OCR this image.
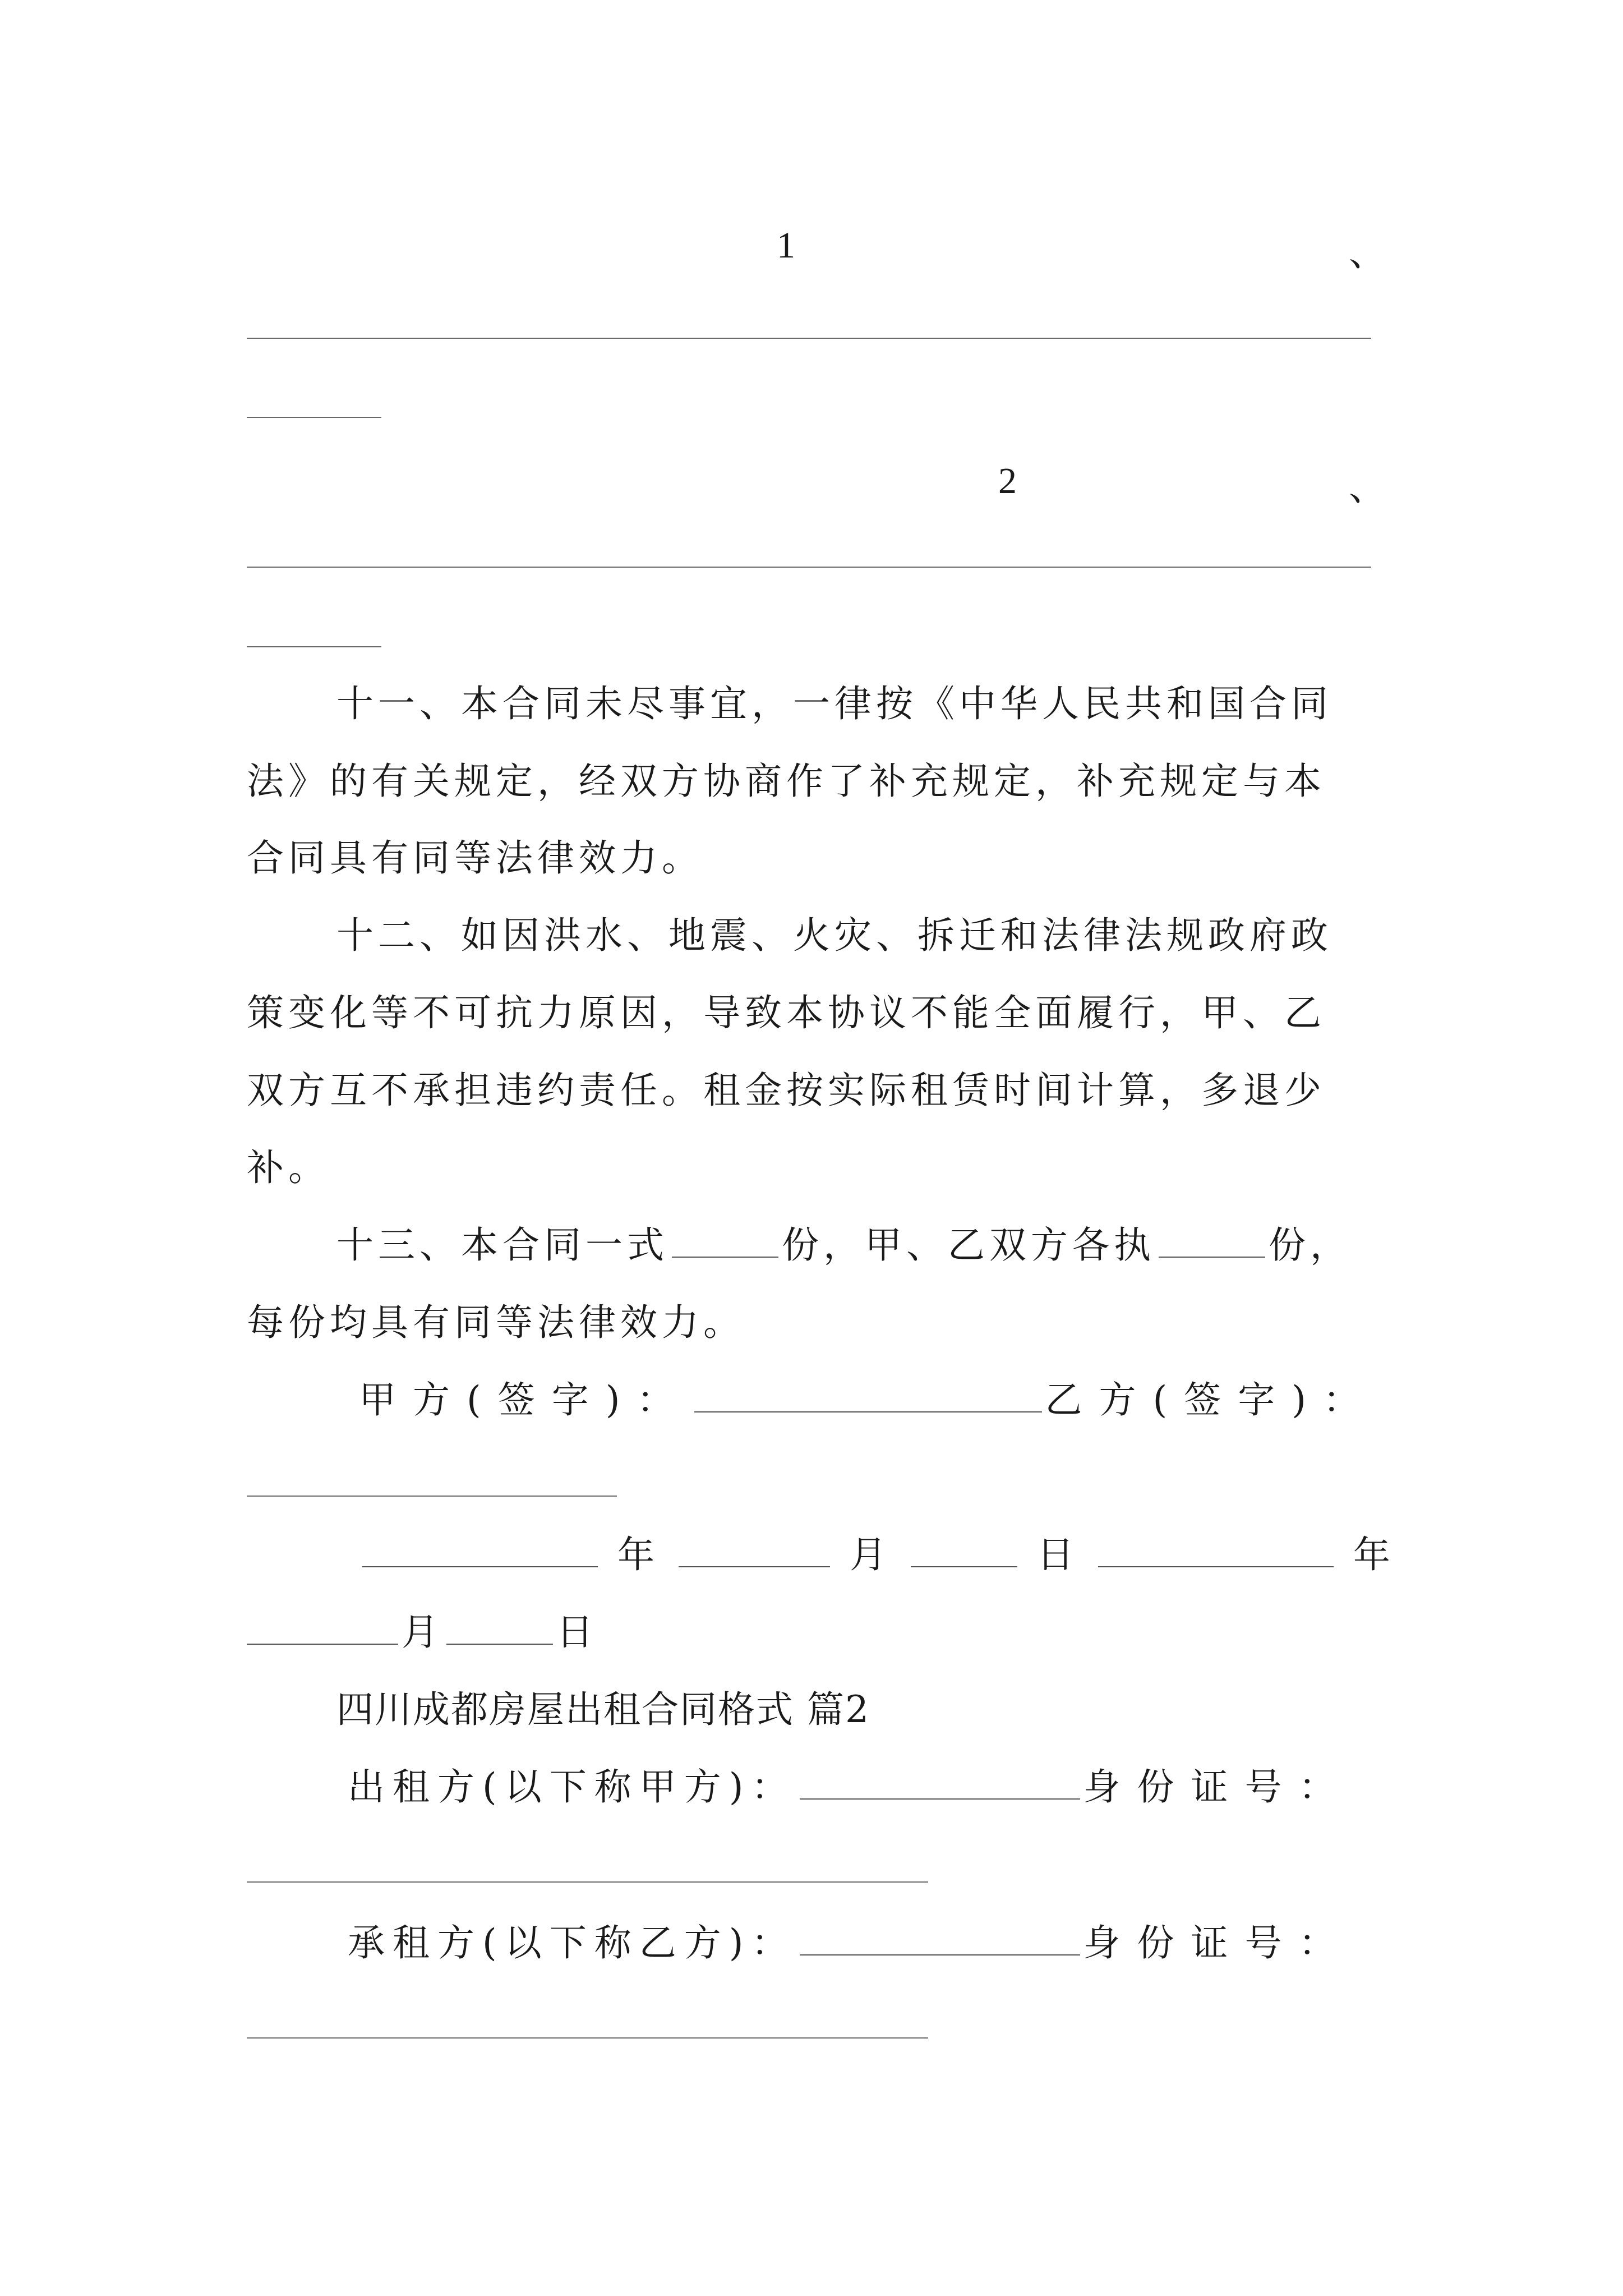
1	、
2	、
十一、本合同未尽事宜，一律按《中华人民共和国合同
法》的有关规定，经双方协商作了补充规定，补充规定与本
合同具有同等法律效力。
十二、如因洪水、地震、火灾、拆迁和法律法规政府政
策变化等不可抗力原因，导致本协议不能全面履行，甲、乙
双方互不承担违约责任。租金按实际租赁时间计算，多退少
补。
十三、本合同一式	份，甲、乙双方各执	份，
每份均具有同等法律效力。
甲方(签字)：	乙方(签字)：
年	月	日	年
月	日
四川成都房屋出租合同格式 篇2
出租方(以下称甲方)：	身份证号：
承租方(以下称乙方)：	身份证号：
